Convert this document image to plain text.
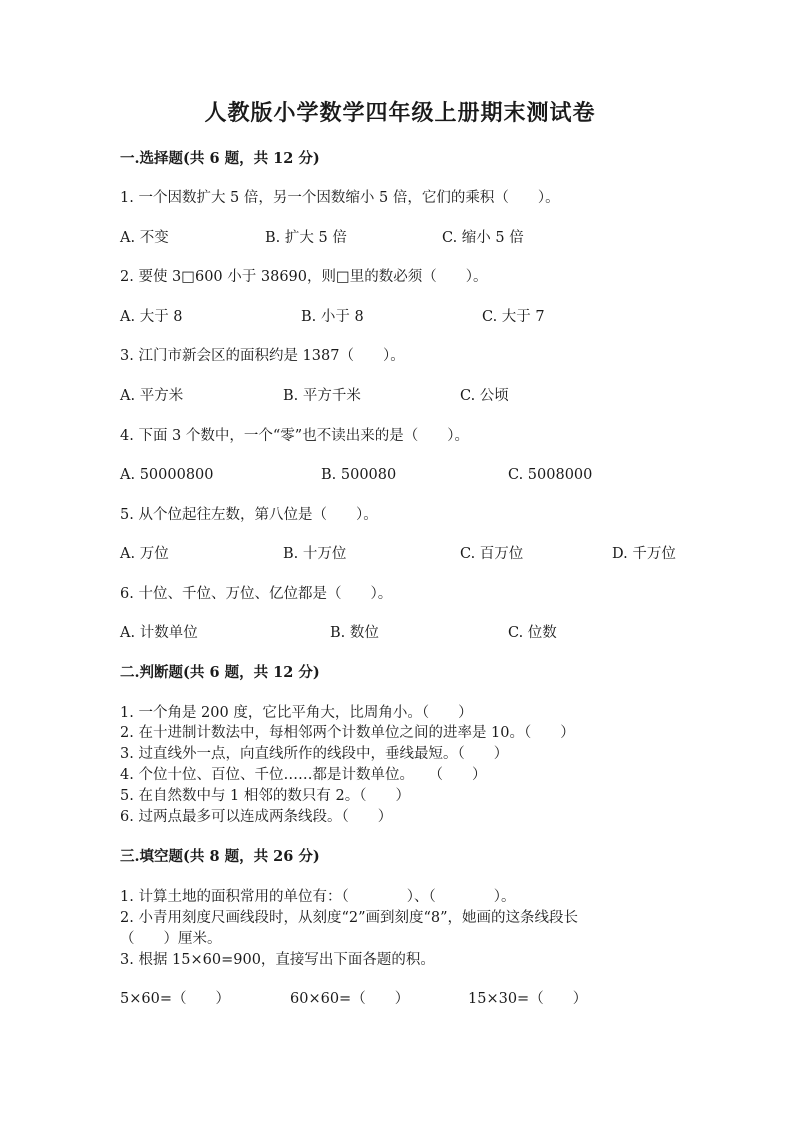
人教版小学数学四年级上册期末测试卷
一.选择题(共 6 题，共 12 分)
1. 一个因数扩大 5 倍，另一个因数缩小 5 倍，它们的乘积（　　）。
A. 不变	B. 扩大 5 倍	C. 缩小 5 倍
2. 要使 3□600 小于 38690，则□里的数必须（　　）。
A. 大于 8	B. 小于 8	C. 大于 7
3. 江门市新会区的面积约是 1387（　　）。
A. 平方米	B. 平方千米	C. 公顷
4. 下面 3 个数中，一个“零”也不读出来的是（　　）。
A. 50000800	B. 500080	C. 5008000
5. 从个位起往左数，第八位是（　　）。
A. 万位	B. 十万位	C. 百万位	D. 千万位
6. 十位、千位、万位、亿位都是（　　）。
A. 计数单位	B. 数位	C. 位数
二.判断题(共 6 题，共 12 分)
1. 一个角是 200 度，它比平角大，比周角小。（　　）
2. 在十进制计数法中，每相邻两个计数单位之间的进率是 10。（　　）
3. 过直线外一点，向直线所作的线段中，垂线最短。（　　）
4. 个位十位、百位、千位……都是计数单位。　　（　　）
5. 在自然数中与 1 相邻的数只有 2。（　　）
6. 过两点最多可以连成两条线段。（　　）
三.填空题(共 8 题，共 26 分)
1. 计算土地的面积常用的单位有：（　　　　）、（　　　　）。
2. 小青用刻度尺画线段时，从刻度“2”画到刻度“8”，她画的这条线段长
（　　）厘米。
3. 根据 15×60=900，直接写出下面各题的积。
5×60=（　　）	60×60=（　　）	15×30=（　　）
